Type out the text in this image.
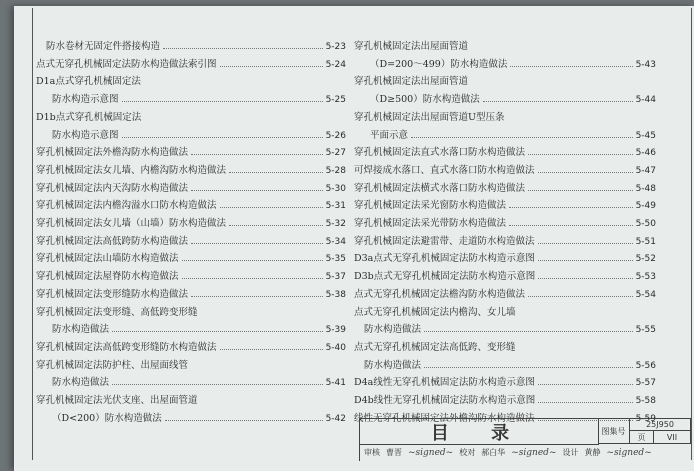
防水卷材无固定件搭接构造	5-23
点式无穿孔机械固定法防水构造做法索引图	5-24
D1a点式穿孔机械固定法
防水构造示意图	5-25
D1b点式穿孔机械固定法
防水构造示意图	5-26
穿孔机械固定法外檐沟防水构造做法	5-27
穿孔机械固定法女儿墙、内檐沟防水构造做法	5-28
穿孔机械固定法内天沟防水构造做法	5-30
穿孔机械固定法内檐沟溢水口防水构造做法	5-31
穿孔机械固定法女儿墙（山墙）防水构造做法	5-32
穿孔机械固定法高低跨防水构造做法	5-34
穿孔机械固定法山墙防水构造做法	5-35
穿孔机械固定法屋脊防水构造做法	5-37
穿孔机械固定法变形缝防水构造做法	5-38
穿孔机械固定法变形缝、高低跨变形缝
防水构造做法	5-39
穿孔机械固定法高低跨变形缝防水构造做法	5-40
穿孔机械固定法防护柱、出屋面线管
防水构造做法	5-41
穿孔机械固定法光伏支座、出屋面管道
（D<200）防水构造做法	5-42
穿孔机械固定法出屋面管道
（D=200～499）防水构造做法	5-43
穿孔机械固定法出屋面管道
（D≥500）防水构造做法	5-44
穿孔机械固定法出屋面管道U型压条
平面示意	5-45
穿孔机械固定法直式水落口防水构造做法	5-46
可焊接成水落口、直式水落口防水构造做法	5-47
穿孔机械固定法横式水落口防水构造做法	5-48
穿孔机械固定法采光窗防水构造做法	5-49
穿孔机械固定法采光带防水构造做法	5-50
穿孔机械固定法避雷带、走道防水构造做法	5-51
D3a点式无穿孔机械固定法防水构造示意图	5-52
D3b点式无穿孔机械固定法防水构造示意图	5-53
点式无穿孔机械固定法檐沟防水构造做法	5-54
点式无穿孔机械固定法内檐沟、女儿墙
防水构造做法	5-55
点式无穿孔机械固定法高低跨、变形缝
防水构造做法	5-56
D4a线性无穿孔机械固定法防水构造示意图	5-57
D4b线性无穿孔机械固定法防水构造示意图	5-58
线性无穿孔机械固定法外檐沟防水构造做法	5-59
目 录	图集号
25J950
页	VII
审核 曹晋 ~signed~ 校对 郝白华 ~signed~ 设计 黄静 ~signed~
